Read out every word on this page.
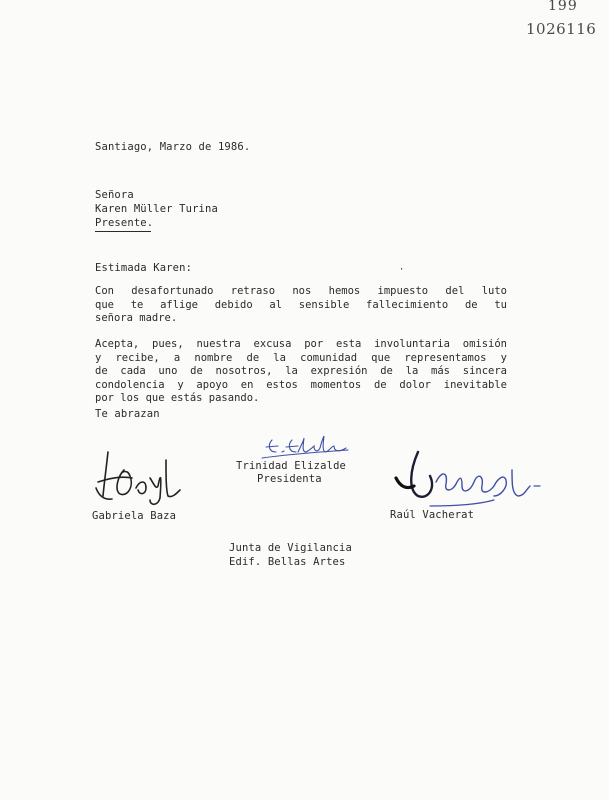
199
1026116
Santiago, Marzo de 1986.
Señora
Karen Müller Turina
Presente.
Estimada Karen:	⋅
Con desafortunado retraso nos hemos impuesto del luto
que te aflige debido al sensible fallecimiento de tu
señora madre.
Acepta, pues, nuestra excusa por esta involuntaria omisión
y recibe, a nombre de la comunidad que representamos y
de cada uno de nosotros, la expresión de la más sincera
condolencia y apoyo en estos momentos de dolor inevitable
por los que estás pasando.
Te abrazan
Gabriela Baza
Trinidad Elizalde
Presidenta
Raúl Vacherat
Junta de Vigilancia
Edif. Bellas Artes
